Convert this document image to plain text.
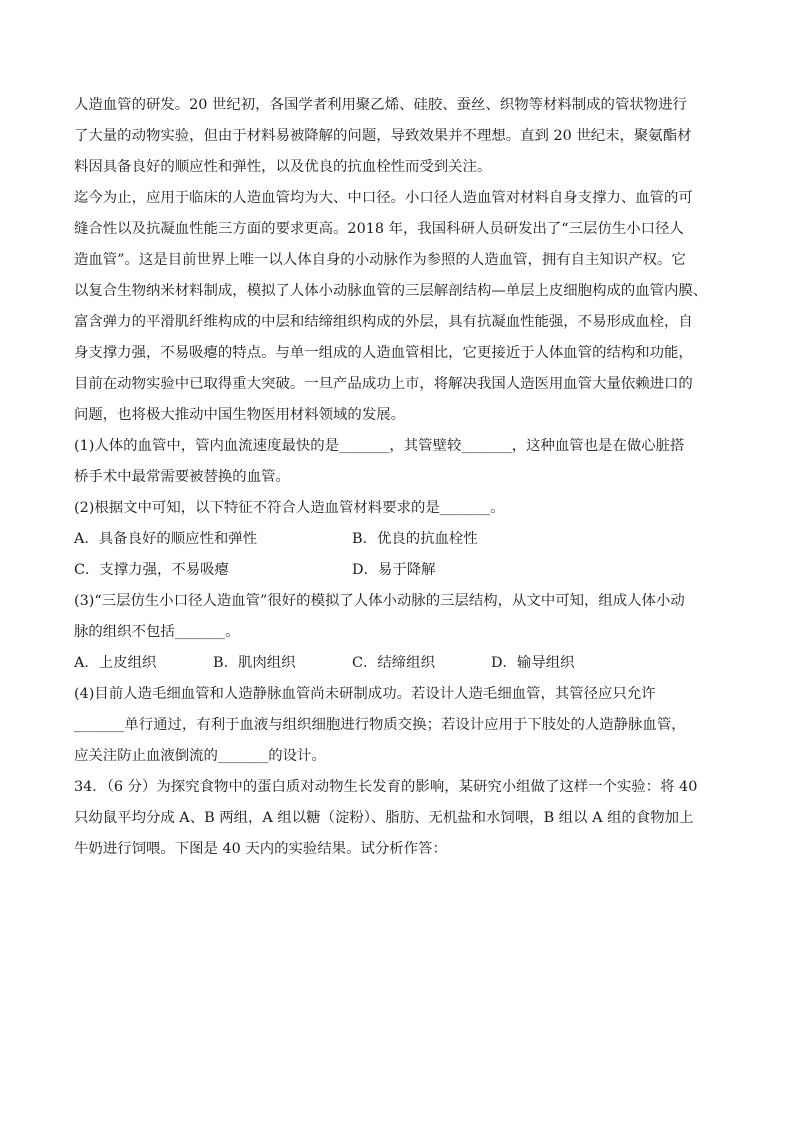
人造血管的研发。20 世纪初，各国学者利用聚乙烯、硅胶、蚕丝、织物等材料制成的管状物进行
了大量的动物实验，但由于材料易被降解的问题，导致效果并不理想。直到 20 世纪末，聚氨酯材
料因具备良好的顺应性和弹性，以及优良的抗血栓性而受到关注。
迄今为止，应用于临床的人造血管均为大、中口径。小口径人造血管对材料自身支撑力、血管的可
缝合性以及抗凝血性能三方面的要求更高。2018 年，我国科研人员研发出了“三层仿生小口径人
造血管”。这是目前世界上唯一以人体自身的小动脉作为参照的人造血管，拥有自主知识产权。它
以复合生物纳米材料制成，模拟了人体小动脉血管的三层解剖结构—单层上皮细胞构成的血管内膜、
富含弹力的平滑肌纤维构成的中层和结缔组织构成的外层，具有抗凝血性能强，不易形成血栓，自
身支撑力强，不易吸瘪的特点。与单一组成的人造血管相比，它更接近于人体血管的结构和功能，
目前在动物实验中已取得重大突破。一旦产品成功上市，将解决我国人造医用血管大量依赖进口的
问题，也将极大推动中国生物医用材料领域的发展。
(1)人体的血管中，管内血流速度最快的是_______，其管壁较_______，这种血管也是在做心脏搭
桥手术中最常需要被替换的血管。
(2)根据文中可知，以下特征不符合人造血管材料要求的是_______。
A．具备良好的顺应性和弹性	B．优良的抗血栓性
C．支撑力强，不易吸瘪	D．易于降解
(3)“三层仿生小口径人造血管”很好的模拟了人体小动脉的三层结构，从文中可知，组成人体小动
脉的组织不包括_______。
A．上皮组织	B．肌肉组织	C．结缔组织	D．输导组织
(4)目前人造毛细血管和人造静脉血管尚未研制成功。若设计人造毛细血管，其管径应只允许
_______单行通过，有利于血液与组织细胞进行物质交换；若设计应用于下肢处的人造静脉血管，
应关注防止血液倒流的_______的设计。
34．（6 分）为探究食物中的蛋白质对动物生长发育的影响，某研究小组做了这样一个实验：将 40
只幼鼠平均分成 A、B 两组，A 组以糖（淀粉）、脂肪、无机盐和水饲喂，B 组以 A 组的食物加上
牛奶进行饲喂。下图是 40 天内的实验结果。试分析作答：
